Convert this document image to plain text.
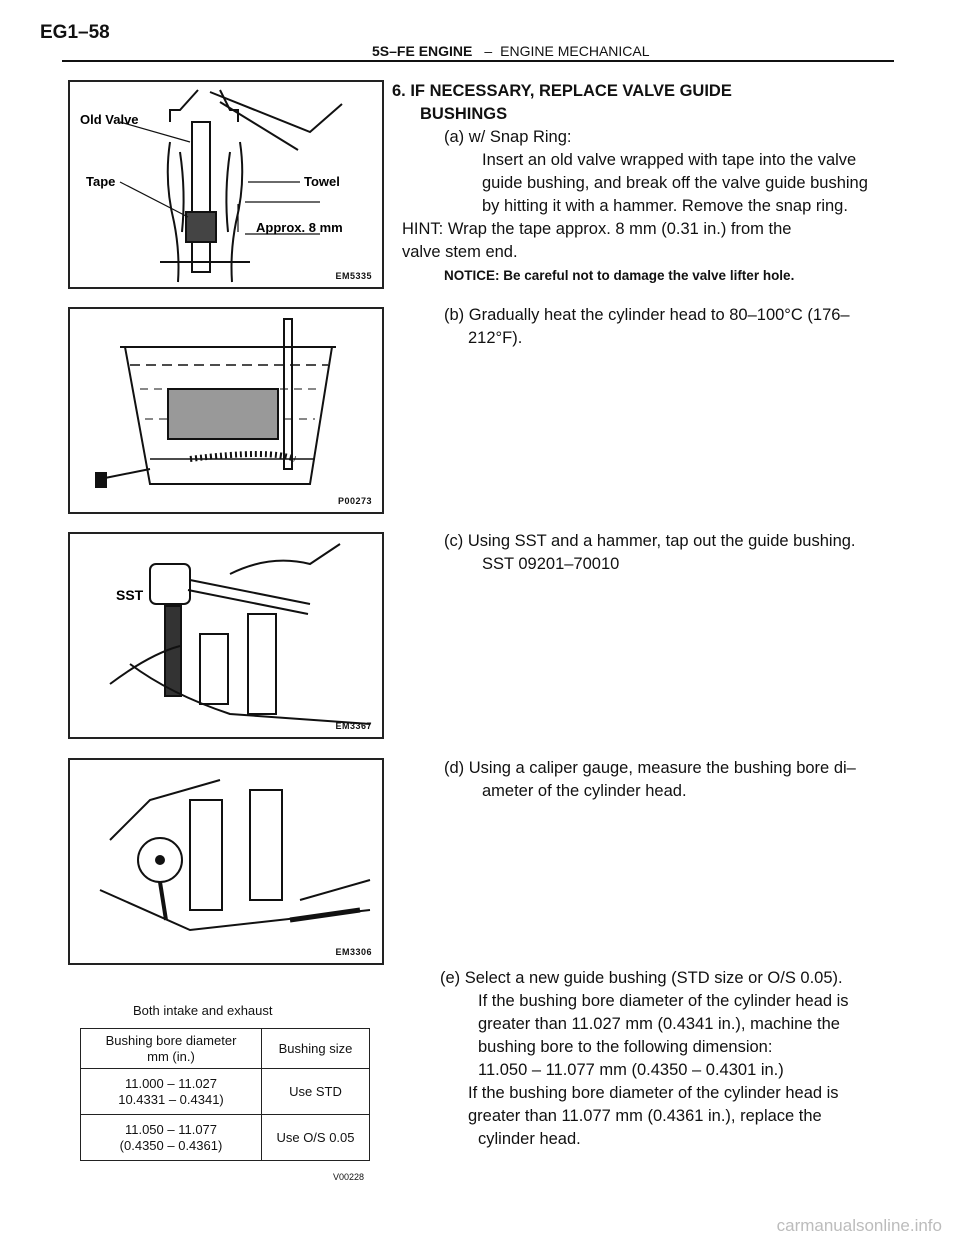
EG1–58
5S–FE ENGINE – ENGINE MECHANICAL
Old Valve
Tape	Towel
Approx. 8 mm
EM5335
P00273
SST
EM3367
EM3306
6. IF NECESSARY, REPLACE VALVE GUIDE
BUSHINGS
(a) w/ Snap Ring:
Insert an old valve wrapped with tape into the valve
guide bushing, and break off the valve guide bushing
by hitting it with a hammer. Remove the snap ring.
HINT: Wrap the tape approx. 8 mm (0.31 in.) from the
valve stem end.
NOTICE: Be careful not to damage the valve lifter hole.
(b) Gradually heat the cylinder head to 80–100°C (176–
212°F).
(c) Using SST and a hammer, tap out the guide bushing.
SST 09201–70010
(d) Using a caliper gauge, measure the bushing bore di–
ameter of the cylinder head.
(e) Select a new guide bushing (STD size or O/S 0.05).
If the bushing bore diameter of the cylinder head is
greater than 11.027 mm (0.4341 in.), machine the
bushing bore to the following dimension:
11.050 – 11.077 mm (0.4350 – 0.4301 in.)
If the bushing bore diameter of the cylinder head is
greater than 11.077 mm (0.4361 in.), replace the
cylinder head.
Both intake and exhaust
Bushing bore diameter
mm (in.)	Bushing size

11.000 – 11.027
10.4331 – 0.4341)	Use STD

11.050 – 11.077
(0.4350 – 0.4361)	Use O/S 0.05
V00228
carmanualsonline.info
